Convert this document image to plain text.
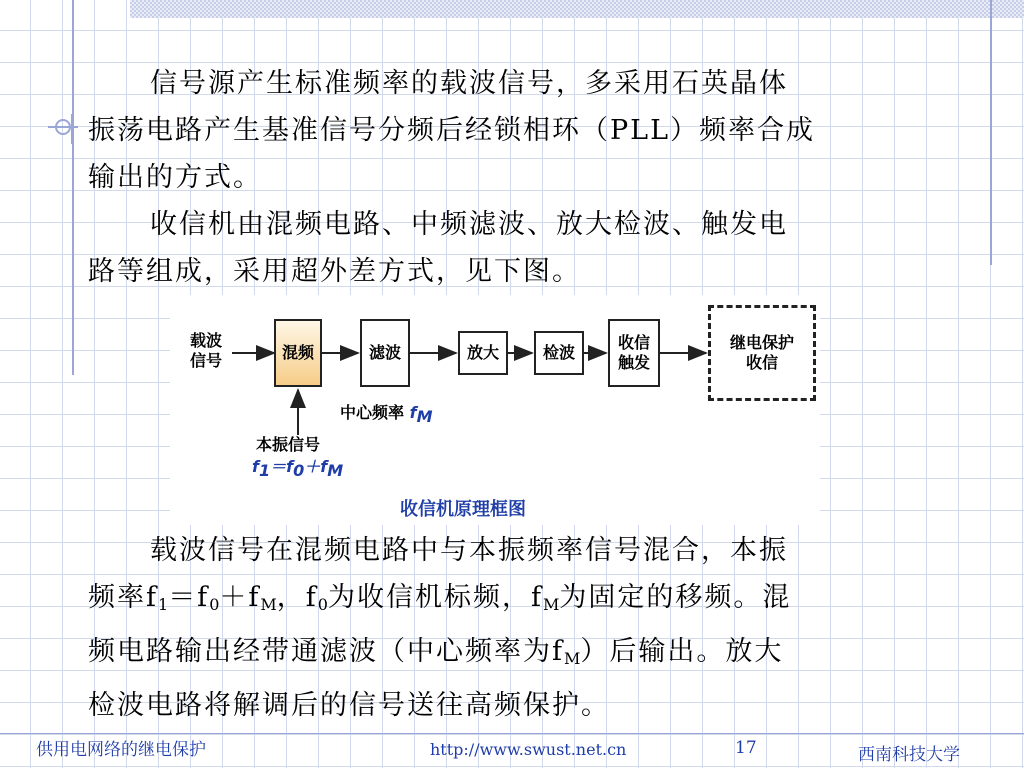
信号源产生标准频率的载波信号，多采用石英晶体
振荡电路产生基准信号分频后经锁相环（PLL）频率合成
输出的方式。
收信机由混频电路、中频滤波、放大检波、触发电
路等组成，采用超外差方式，见下图。
载波
信号	混频	滤波	放大	检波
收信
触发
继电保护
收信
中心频率 $f_M$
本振信号
$f_1=f_0+f_M$
收信机原理框图
载波信号在混频电路中与本振频率信号混合，本振
频率$f_1=f_0+f_M$，$f_0$为收信机标频，$f_M$为固定的移频。混
频电路输出经带通滤波（中心频率为$f_M$）后输出。放大
检波电路将解调后的信号送往高频保护。
供用电网络的继电保护	http://www.swust.net.cn	17	西南科技大学
